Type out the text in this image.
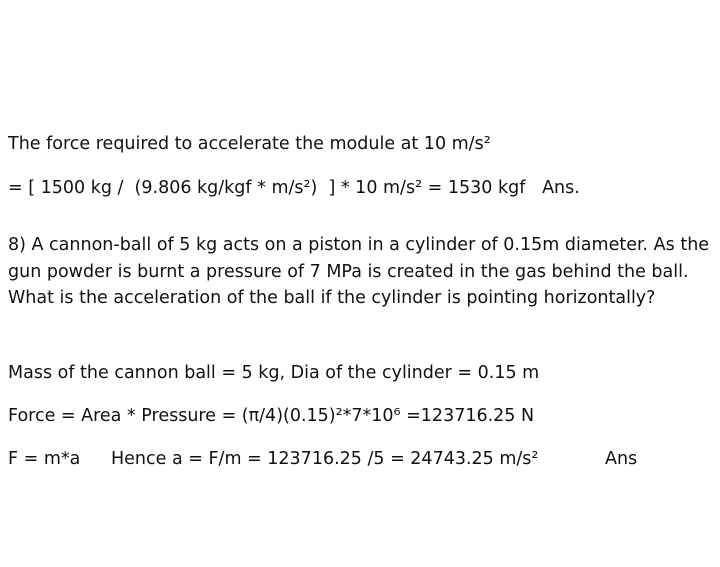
The force required to accelerate the module at 10 m/s²
= [ 1500 kg /  (9.806 kg/kgf * m/s²)  ] * 10 m/s² = 1530 kgf   Ans.
8) A cannon-ball of 5 kg acts on a piston in a cylinder of 0.15m diameter. As the gun powder is burnt a pressure of 7 MPa is created in the gas behind the ball. What is the acceleration of the ball if the cylinder is pointing horizontally?
Mass of the cannon ball = 5 kg, Dia of the cylinder = 0.15 m
Force = Area * Pressure = (π/4)(0.15)²*7*10⁶ =123716.25 N

F = m*a

Hence a = F/m = 123716.25 /5 = 24743.25 m/s²

	Ans
